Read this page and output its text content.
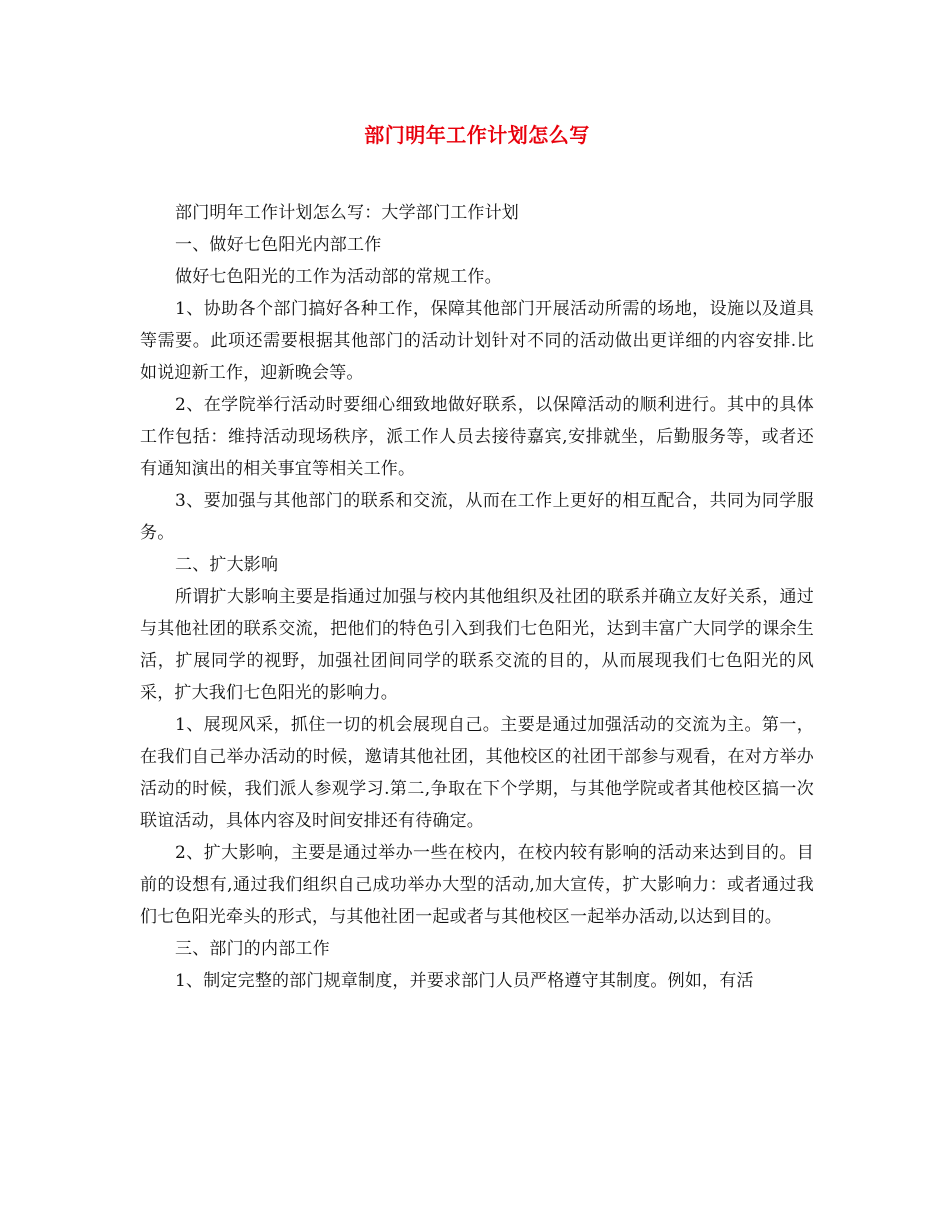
部门明年工作计划怎么写

部门明年工作计划怎么写：大学部门工作计划

一、做好七色阳光内部工作

做好七色阳光的工作为活动部的常规工作。

1、协助各个部门搞好各种工作，保障其他部门开展活动所需的场地，设施以及道具等需要。此项还需要根据其他部门的活动计划针对不同的活动做出更详细的内容安排.比如说迎新工作，迎新晚会等。

2、在学院举行活动时要细心细致地做好联系，以保障活动的顺利进行。其中的具体工作包括：维持活动现场秩序，派工作人员去接待嘉宾,安排就坐，后勤服务等，或者还有通知演出的相关事宜等相关工作。

3、要加强与其他部门的联系和交流，从而在工作上更好的相互配合，共同为同学服务。

二、扩大影响

所谓扩大影响主要是指通过加强与校内其他组织及社团的联系并确立友好关系，通过与其他社团的联系交流，把他们的特色引入到我们七色阳光，达到丰富广大同学的课余生活，扩展同学的视野，加强社团间同学的联系交流的目的，从而展现我们七色阳光的风采，扩大我们七色阳光的影响力。

1、展现风采，抓住一切的机会展现自己。主要是通过加强活动的交流为主。第一，在我们自己举办活动的时候，邀请其他社团，其他校区的社团干部参与观看，在对方举办活动的时候，我们派人参观学习.第二,争取在下个学期，与其他学院或者其他校区搞一次联谊活动，具体内容及时间安排还有待确定。

2、扩大影响，主要是通过举办一些在校内，在校内较有影响的活动来达到目的。目前的设想有,通过我们组织自己成功举办大型的活动,加大宣传，扩大影响力：或者通过我们七色阳光牵头的形式，与其他社团一起或者与其他校区一起举办活动,以达到目的。

三、部门的内部工作

1、制定完整的部门规章制度，并要求部门人员严格遵守其制度。例如，有活
